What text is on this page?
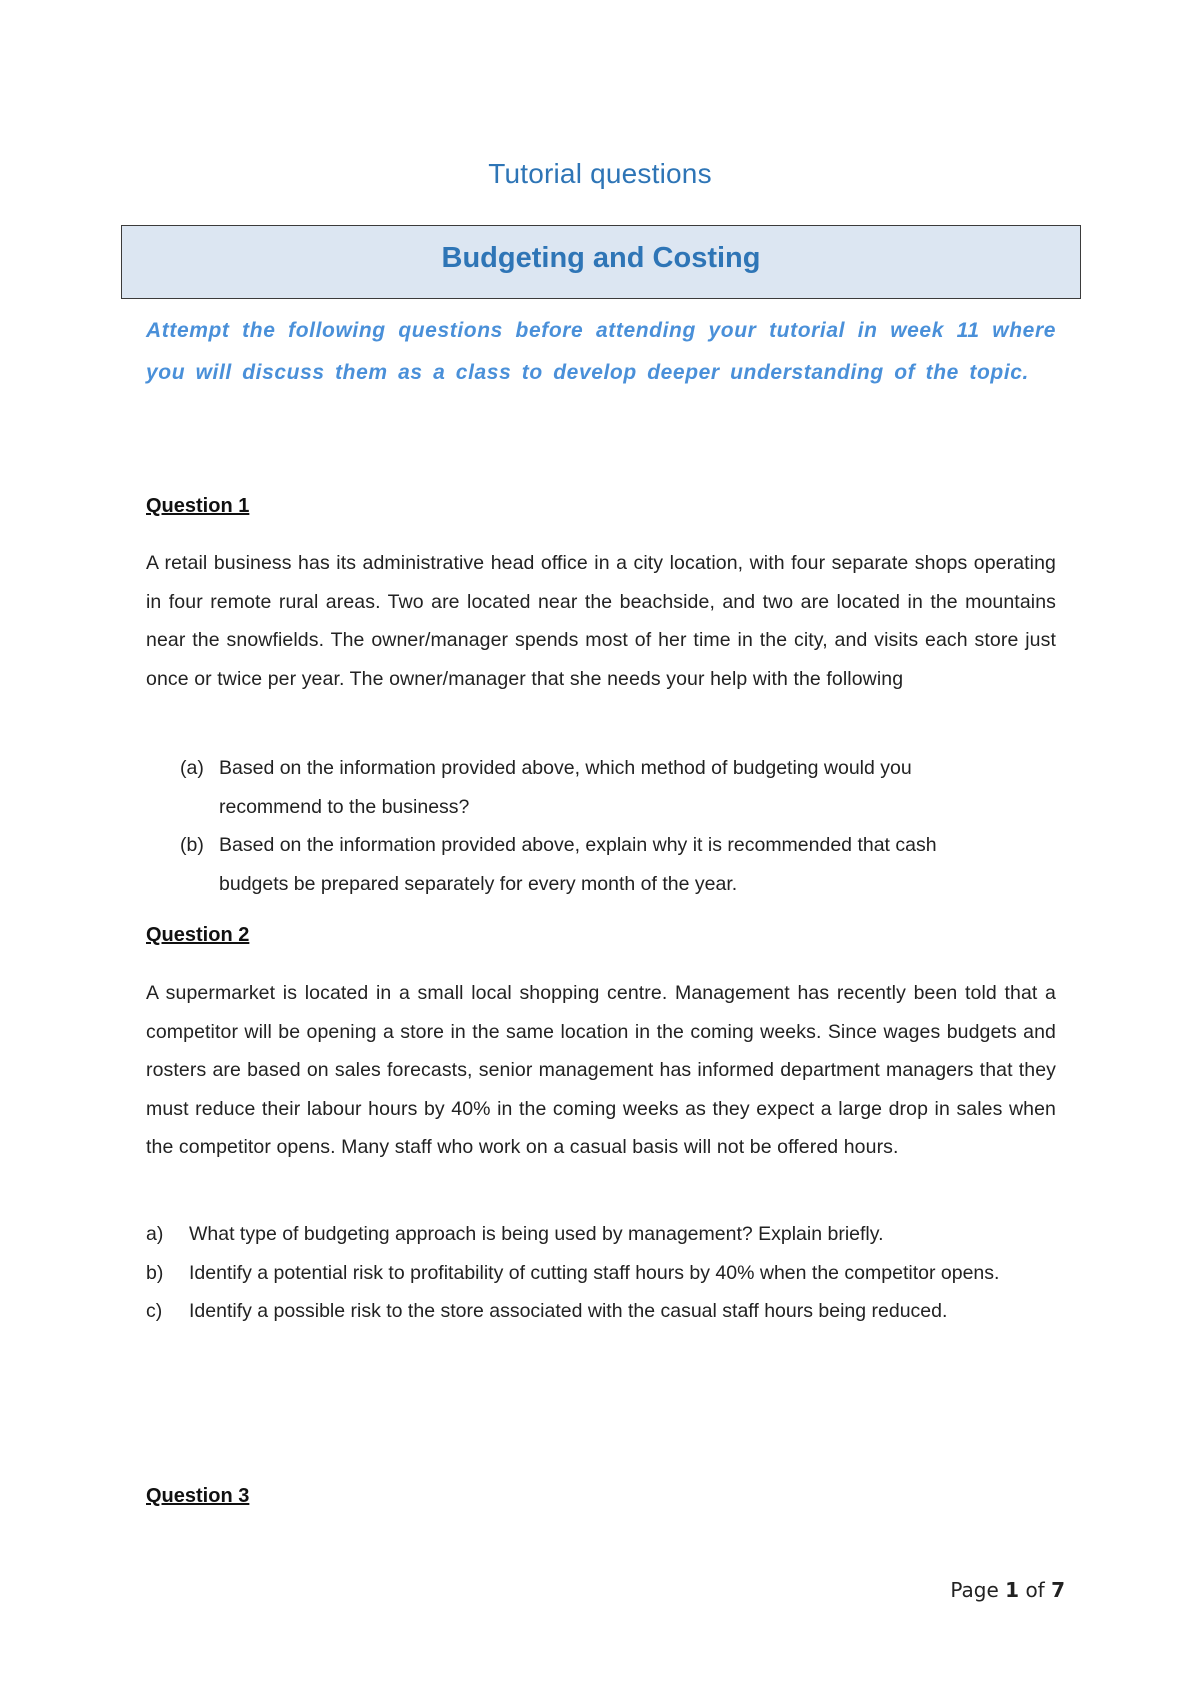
Tutorial questions
Budgeting and Costing

Attempt the following questions before attending your tutorial in week 11 where you will discuss them as a class to develop deeper understanding of the topic.

Question 1

A retail business has its administrative head office in a city location, with four separate shops operating in four remote rural areas. Two are located near the beachside, and two are located in the mountains near the snowfields. The owner/manager spends most of her time in the city, and visits each store just once or twice per year. The owner/manager that she needs your help with the following

(a) Based on the information provided above, which method of budgeting would you recommend to the business?
(b) Based on the information provided above, explain why it is recommended that cash budgets be prepared separately for every month of the year.
Question 2

A supermarket is located in a small local shopping centre. Management has recently been told that a competitor will be opening a store in the same location in the coming weeks. Since wages budgets and rosters are based on sales forecasts, senior management has informed department managers that they must reduce their labour hours by 40% in the coming weeks as they expect a large drop in sales when the competitor opens. Many staff who work on a casual basis will not be offered hours.

a) What type of budgeting approach is being used by management? Explain briefly.
b) Identify a potential risk to profitability of cutting staff hours by 40% when the competitor opens.
c) Identify a possible risk to the store associated with the casual staff hours being reduced.
Question 3
Page 1 of 7
